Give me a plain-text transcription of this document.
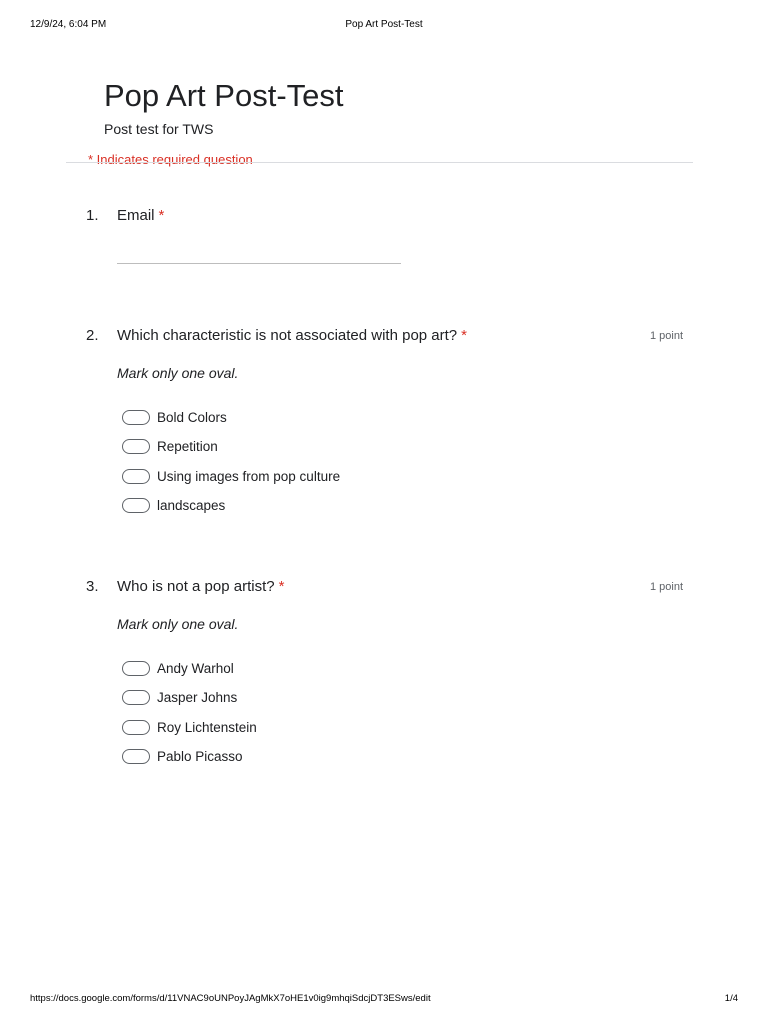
12/9/24, 6:04 PM	Pop Art Post-Test
Pop Art Post-Test
Post test for TWS
* Indicates required question
1. Email *
2. Which characteristic is not associated with pop art? *	1 point
Mark only one oval.
Bold Colors
Repetition
Using images from pop culture
landscapes
3. Who is not a pop artist? *	1 point
Mark only one oval.
Andy Warhol
Jasper Johns
Roy Lichtenstein
Pablo Picasso
https://docs.google.com/forms/d/11VNAC9oUNPoyJAgMkX7oHE1v0ig9mhqiSdcjDT3ESws/edit	1/4
